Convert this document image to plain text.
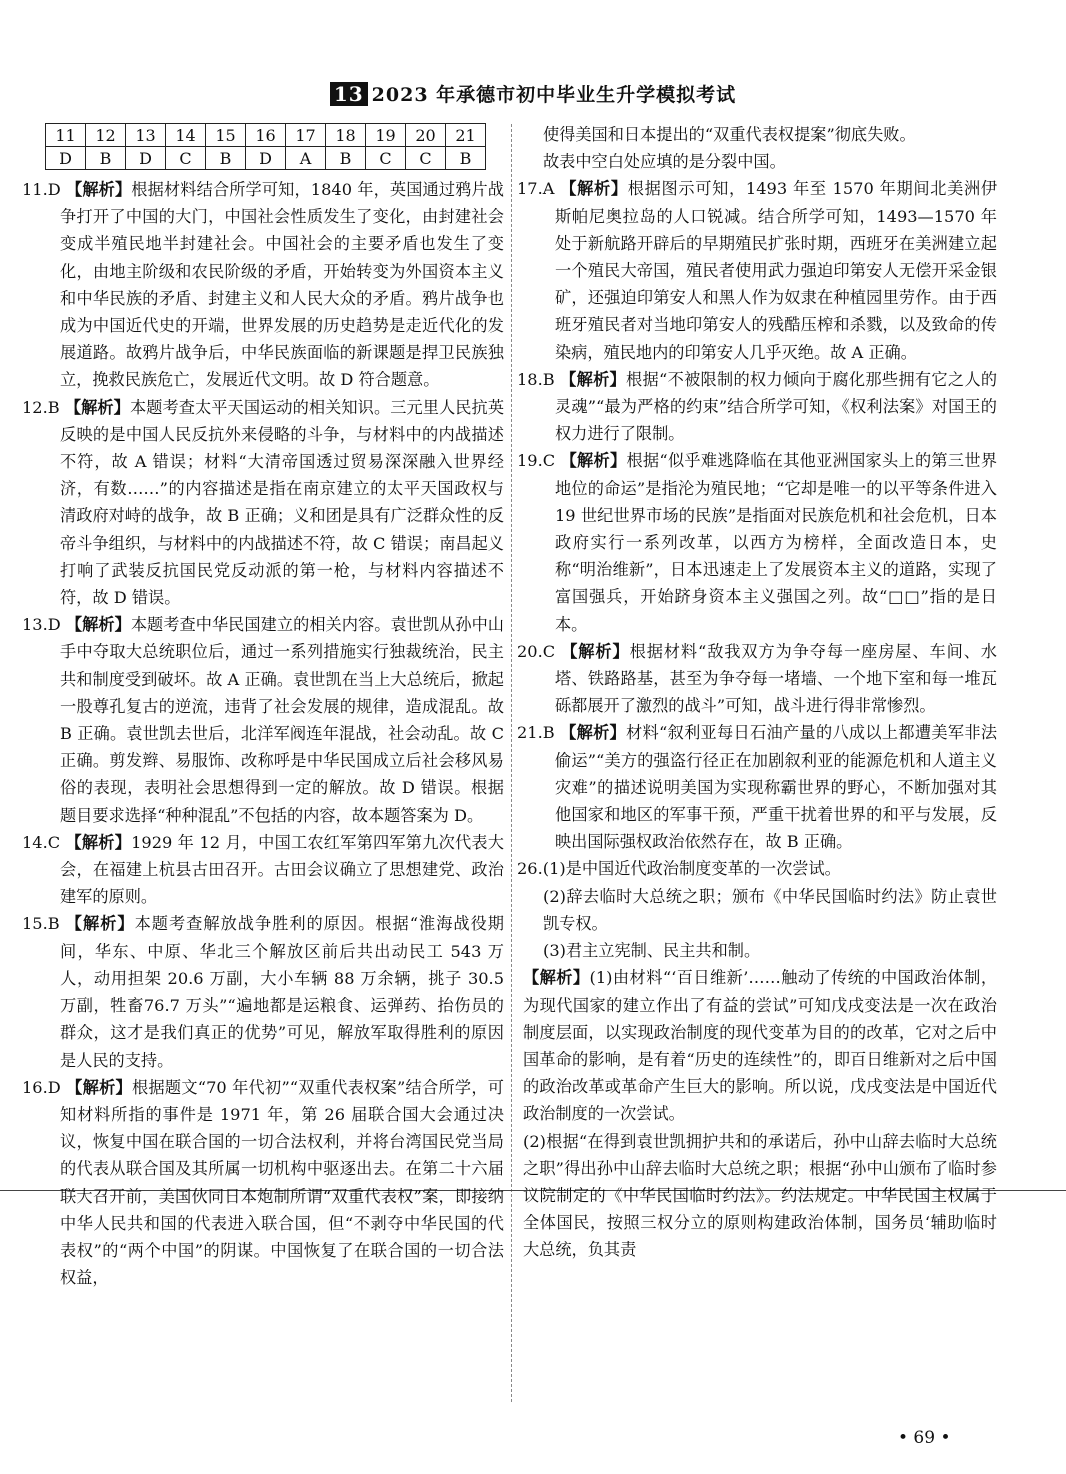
13 2023 年承德市初中毕业生升学模拟考试
11	12	13	14	15	16	17	18	19	20	21
D	B	D	C	B	D	A	B	C	C	B

11.D 【解析】根据材料结合所学可知，1840 年，英国通过鸦片战争打开了中国的大门，中国社会性质发生了变化，由封建社会变成半殖民地半封建社会。中国社会的主要矛盾也发生了变化，由地主阶级和农民阶级的矛盾，开始转变为外国资本主义和中华民族的矛盾、封建主义和人民大众的矛盾。鸦片战争也成为中国近代史的开端，世界发展的历史趋势是走近代化的发展道路。故鸦片战争后，中华民族面临的新课题是捍卫民族独立，挽救民族危亡，发展近代文明。故 D 符合题意。

12.B 【解析】本题考查太平天国运动的相关知识。三元里人民抗英反映的是中国人民反抗外来侵略的斗争，与材料中的内战描述不符，故 A 错误；材料“大清帝国透过贸易深深融入世界经济，有数……”的内容描述是指在南京建立的太平天国政权与清政府对峙的战争，故 B 正确；义和团是具有广泛群众性的反帝斗争组织，与材料中的内战描述不符，故 C 错误；南昌起义打响了武装反抗国民党反动派的第一枪，与材料内容描述不符，故 D 错误。

13.D 【解析】本题考查中华民国建立的相关内容。袁世凯从孙中山手中夺取大总统职位后，通过一系列措施实行独裁统治，民主共和制度受到破坏。故 A 正确。袁世凯在当上大总统后，掀起一股尊孔复古的逆流，违背了社会发展的规律，造成混乱。故 B 正确。袁世凯去世后，北洋军阀连年混战，社会动乱。故 C 正确。剪发辫、易服饰、改称呼是中华民国成立后社会移风易俗的表现，表明社会思想得到一定的解放。故 D 错误。根据题目要求选择“种种混乱”不包括的内容，故本题答案为 D。

14.C 【解析】1929 年 12 月，中国工农红军第四军第九次代表大会，在福建上杭县古田召开。古田会议确立了思想建党、政治建军的原则。

15.B 【解析】本题考查解放战争胜利的原因。根据“淮海战役期间，华东、中原、华北三个解放区前后共出动民工 543 万人，动用担架 20.6 万副，大小车辆 88 万余辆，挑子 30.5 万副，牲畜76.7 万头”“遍地都是运粮食、运弹药、抬伤员的群众，这才是我们真正的优势”可见，解放军取得胜利的原因是人民的支持。

16.D 【解析】根据题文“70 年代初”“双重代表权案”结合所学，可知材料所指的事件是 1971 年，第 26 届联合国大会通过决议，恢复中国在联合国的一切合法权利，并将台湾国民党当局的代表从联合国及其所属一切机构中驱逐出去。在第二十六届联大召开前，美国伙同日本炮制所谓“双重代表权”案，即接纳中华人民共和国的代表进入联合国，但“不剥夺中华民国的代表权”的“两个中国”的阴谋。中国恢复了在联合国的一切合法权益，

使得美国和日本提出的“双重代表权提案”彻底失败。

故表中空白处应填的是分裂中国。

17.A 【解析】根据图示可知，1493 年至 1570 年期间北美洲伊斯帕尼奥拉岛的人口锐减。结合所学可知，1493—1570 年处于新航路开辟后的早期殖民扩张时期，西班牙在美洲建立起一个殖民大帝国，殖民者使用武力强迫印第安人无偿开采金银矿，还强迫印第安人和黑人作为奴隶在种植园里劳作。由于西班牙殖民者对当地印第安人的残酷压榨和杀戮，以及致命的传染病，殖民地内的印第安人几乎灭绝。故 A 正确。

18.B 【解析】根据“不被限制的权力倾向于腐化那些拥有它之人的灵魂”“最为严格的约束”结合所学可知，《权利法案》对国王的权力进行了限制。

19.C 【解析】根据“似乎难逃降临在其他亚洲国家头上的第三世界地位的命运”是指沦为殖民地；“它却是唯一的以平等条件进入 19 世纪世界市场的民族”是指面对民族危机和社会危机，日本政府实行一系列改革，以西方为榜样，全面改造日本，史称“明治维新”，日本迅速走上了发展资本主义的道路，实现了富国强兵，开始跻身资本主义强国之列。故“□□”指的是日本。

20.C 【解析】根据材料“敌我双方为争夺每一座房屋、车间、水塔、铁路路基，甚至为争夺每一堵墙、一个地下室和每一堆瓦砾都展开了激烈的战斗”可知，战斗进行得非常惨烈。

21.B 【解析】材料“叙利亚每日石油产量的八成以上都遭美军非法偷运”“美方的强盗行径正在加剧叙利亚的能源危机和人道主义灾难”的描述说明美国为实现称霸世界的野心，不断加强对其他国家和地区的军事干预，严重干扰着世界的和平与发展，反映出国际强权政治依然存在，故 B 正确。

26.(1)是中国近代政治制度变革的一次尝试。

(2)辞去临时大总统之职；颁布《中华民国临时约法》防止袁世凯专权。

(3)君主立宪制、民主共和制。

【解析】(1)由材料“‘百日维新’……触动了传统的中国政治体制，为现代国家的建立作出了有益的尝试”可知戊戌变法是一次在政治制度层面，以实现政治制度的现代变革为目的的改革，它对之后中国革命的影响，是有着“历史的连续性”的，即百日维新对之后中国的政治改革或革命产生巨大的影响。所以说，戊戌变法是中国近代政治制度的一次尝试。

(2)根据“在得到袁世凯拥护共和的承诺后，孙中山辞去临时大总统之职”得出孙中山辞去临时大总统之职；根据“孙中山颁布了临时参议院制定的《中华民国临时约法》。约法规定。中华民国主权属于全体国民，按照三权分立的原则构建政治体制，国务员‘辅助临时大总统，负其责

• 69 •
